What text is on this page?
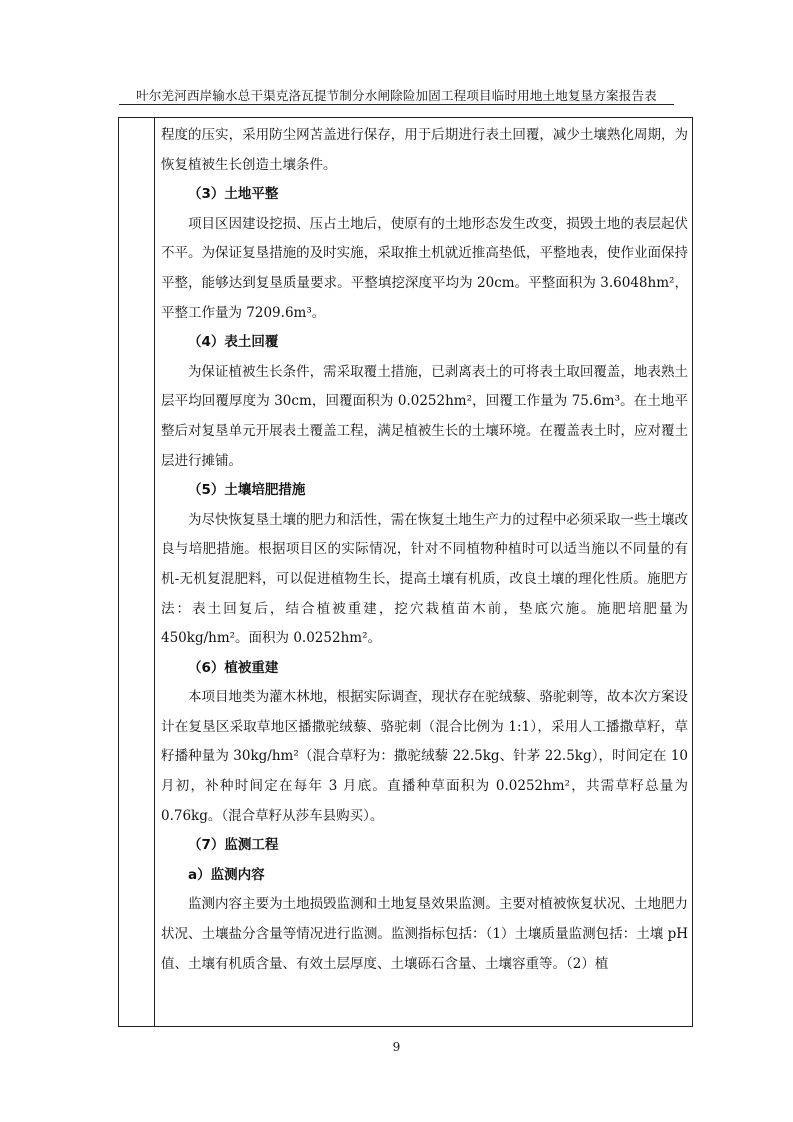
叶尔羌河西岸输水总干渠克洛瓦提节制分水闸除险加固工程项目临时用地土地复垦方案报告表

程度的压实，采用防尘网苫盖进行保存，用于后期进行表土回覆，减少土壤熟化周期，为恢复植被生长创造土壤条件。

（3）土地平整

项目区因建设挖损、压占土地后，使原有的土地形态发生改变，损毁土地的表层起伏不平。为保证复垦措施的及时实施，采取推土机就近推高垫低，平整地表，使作业面保持平整，能够达到复垦质量要求。平整填挖深度平均为 20cm。平整面积为 3.6048hm²，平整工作量为 7209.6m³。

（4）表土回覆

为保证植被生长条件，需采取覆土措施，已剥离表土的可将表土取回覆盖，地表熟土层平均回覆厚度为 30cm，回覆面积为 0.0252hm²，回覆工作量为 75.6m³。在土地平整后对复垦单元开展表土覆盖工程，满足植被生长的土壤环境。在覆盖表土时，应对覆土层进行摊铺。

（5）土壤培肥措施

为尽快恢复垦土壤的肥力和活性，需在恢复土地生产力的过程中必须采取一些土壤改良与培肥措施。根据项目区的实际情况，针对不同植物种植时可以适当施以不同量的有机-无机复混肥料，可以促进植物生长，提高土壤有机质，改良土壤的理化性质。施肥方法：表土回复后，结合植被重建，挖穴栽植苗木前，垫底穴施。施肥培肥量为 450kg/hm²。面积为 0.0252hm²。

（6）植被重建

本项目地类为灌木林地，根据实际调查，现状存在驼绒藜、骆驼刺等，故本次方案设计在复垦区采取草地区播撒驼绒藜、骆驼刺（混合比例为 1:1），采用人工播撒草籽，草籽播种量为 30kg/hm²（混合草籽为：撒驼绒藜 22.5kg、针茅 22.5kg），时间定在 10 月初，补种时间定在每年 3 月底。直播种草面积为 0.0252hm²，共需草籽总量为 0.76kg。（混合草籽从莎车县购买）。

（7）监测工程

a）监测内容

监测内容主要为土地损毁监测和土地复垦效果监测。主要对植被恢复状况、土地肥力状况、土壤盐分含量等情况进行监测。监测指标包括：（1）土壤质量监测包括：土壤 pH 值、土壤有机质含量、有效土层厚度、土壤砾石含量、土壤容重等。（2）植

9
